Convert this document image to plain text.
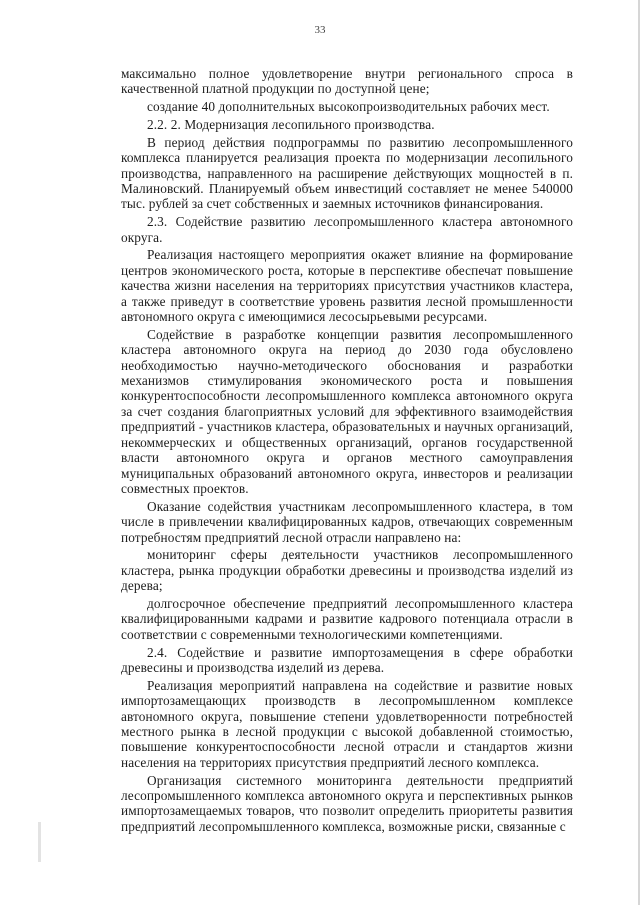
33

максимально полное удовлетворение внутри регионального спроса в качественной платной продукции по доступной цене;

создание 40 дополнительных высокопроизводительных рабочих мест.

2.2. 2. Модернизация лесопильного производства.

В период действия подпрограммы по развитию лесопромышленного комплекса планируется реализация проекта по модернизации лесопильного производства, направленного на расширение действующих мощностей в п. Малиновский. Планируемый объем инвестиций составляет не менее 540000 тыс. рублей за счет собственных и заемных источников финансирования.

2.3. Содействие развитию лесопромышленного кластера автономного округа.

Реализация настоящего мероприятия окажет влияние на формирование центров экономического роста, которые в перспективе обеспечат повышение качества жизни населения на территориях присутствия участников кластера, а также приведут в соответствие уровень развития лесной промышленности автономного округа с имеющимися лесосырьевыми ресурсами.

Содействие в разработке концепции развития лесопромышленного кластера автономного округа на период до 2030 года обусловлено необходимостью научно-методического обоснования и разработки механизмов стимулирования экономического роста и повышения конкурентоспособности лесопромышленного комплекса автономного округа за счет создания благоприятных условий для эффективного взаимодействия предприятий - участников кластера, образовательных и научных организаций, некоммерческих и общественных организаций, органов государственной власти автономного округа и органов местного самоуправления муниципальных образований автономного округа, инвесторов и реализации совместных проектов.

Оказание содействия участникам лесопромышленного кластера, в том числе в привлечении квалифицированных кадров, отвечающих современным потребностям предприятий лесной отрасли направлено на:

мониторинг сферы деятельности участников лесопромышленного кластера, рынка продукции обработки древесины и производства изделий из дерева;

долгосрочное обеспечение предприятий лесопромышленного кластера квалифицированными кадрами и развитие кадрового потенциала отрасли в соответствии с современными технологическими компетенциями.

2.4. Содействие и развитие импортозамещения в сфере обработки древесины и производства изделий из дерева.

Реализация мероприятий направлена на содействие и развитие новых импортозамещающих производств в лесопромышленном комплексе автономного округа, повышение степени удовлетворенности потребностей местного рынка в лесной продукции с высокой добавленной стоимостью, повышение конкурентоспособности лесной отрасли и стандартов жизни населения на территориях присутствия предприятий лесного комплекса.

Организация системного мониторинга деятельности предприятий лесопромышленного комплекса автономного округа и перспективных рынков импортозамещаемых товаров, что позволит определить приоритеты развития предприятий лесопромышленного комплекса, возможные риски, связанные с
